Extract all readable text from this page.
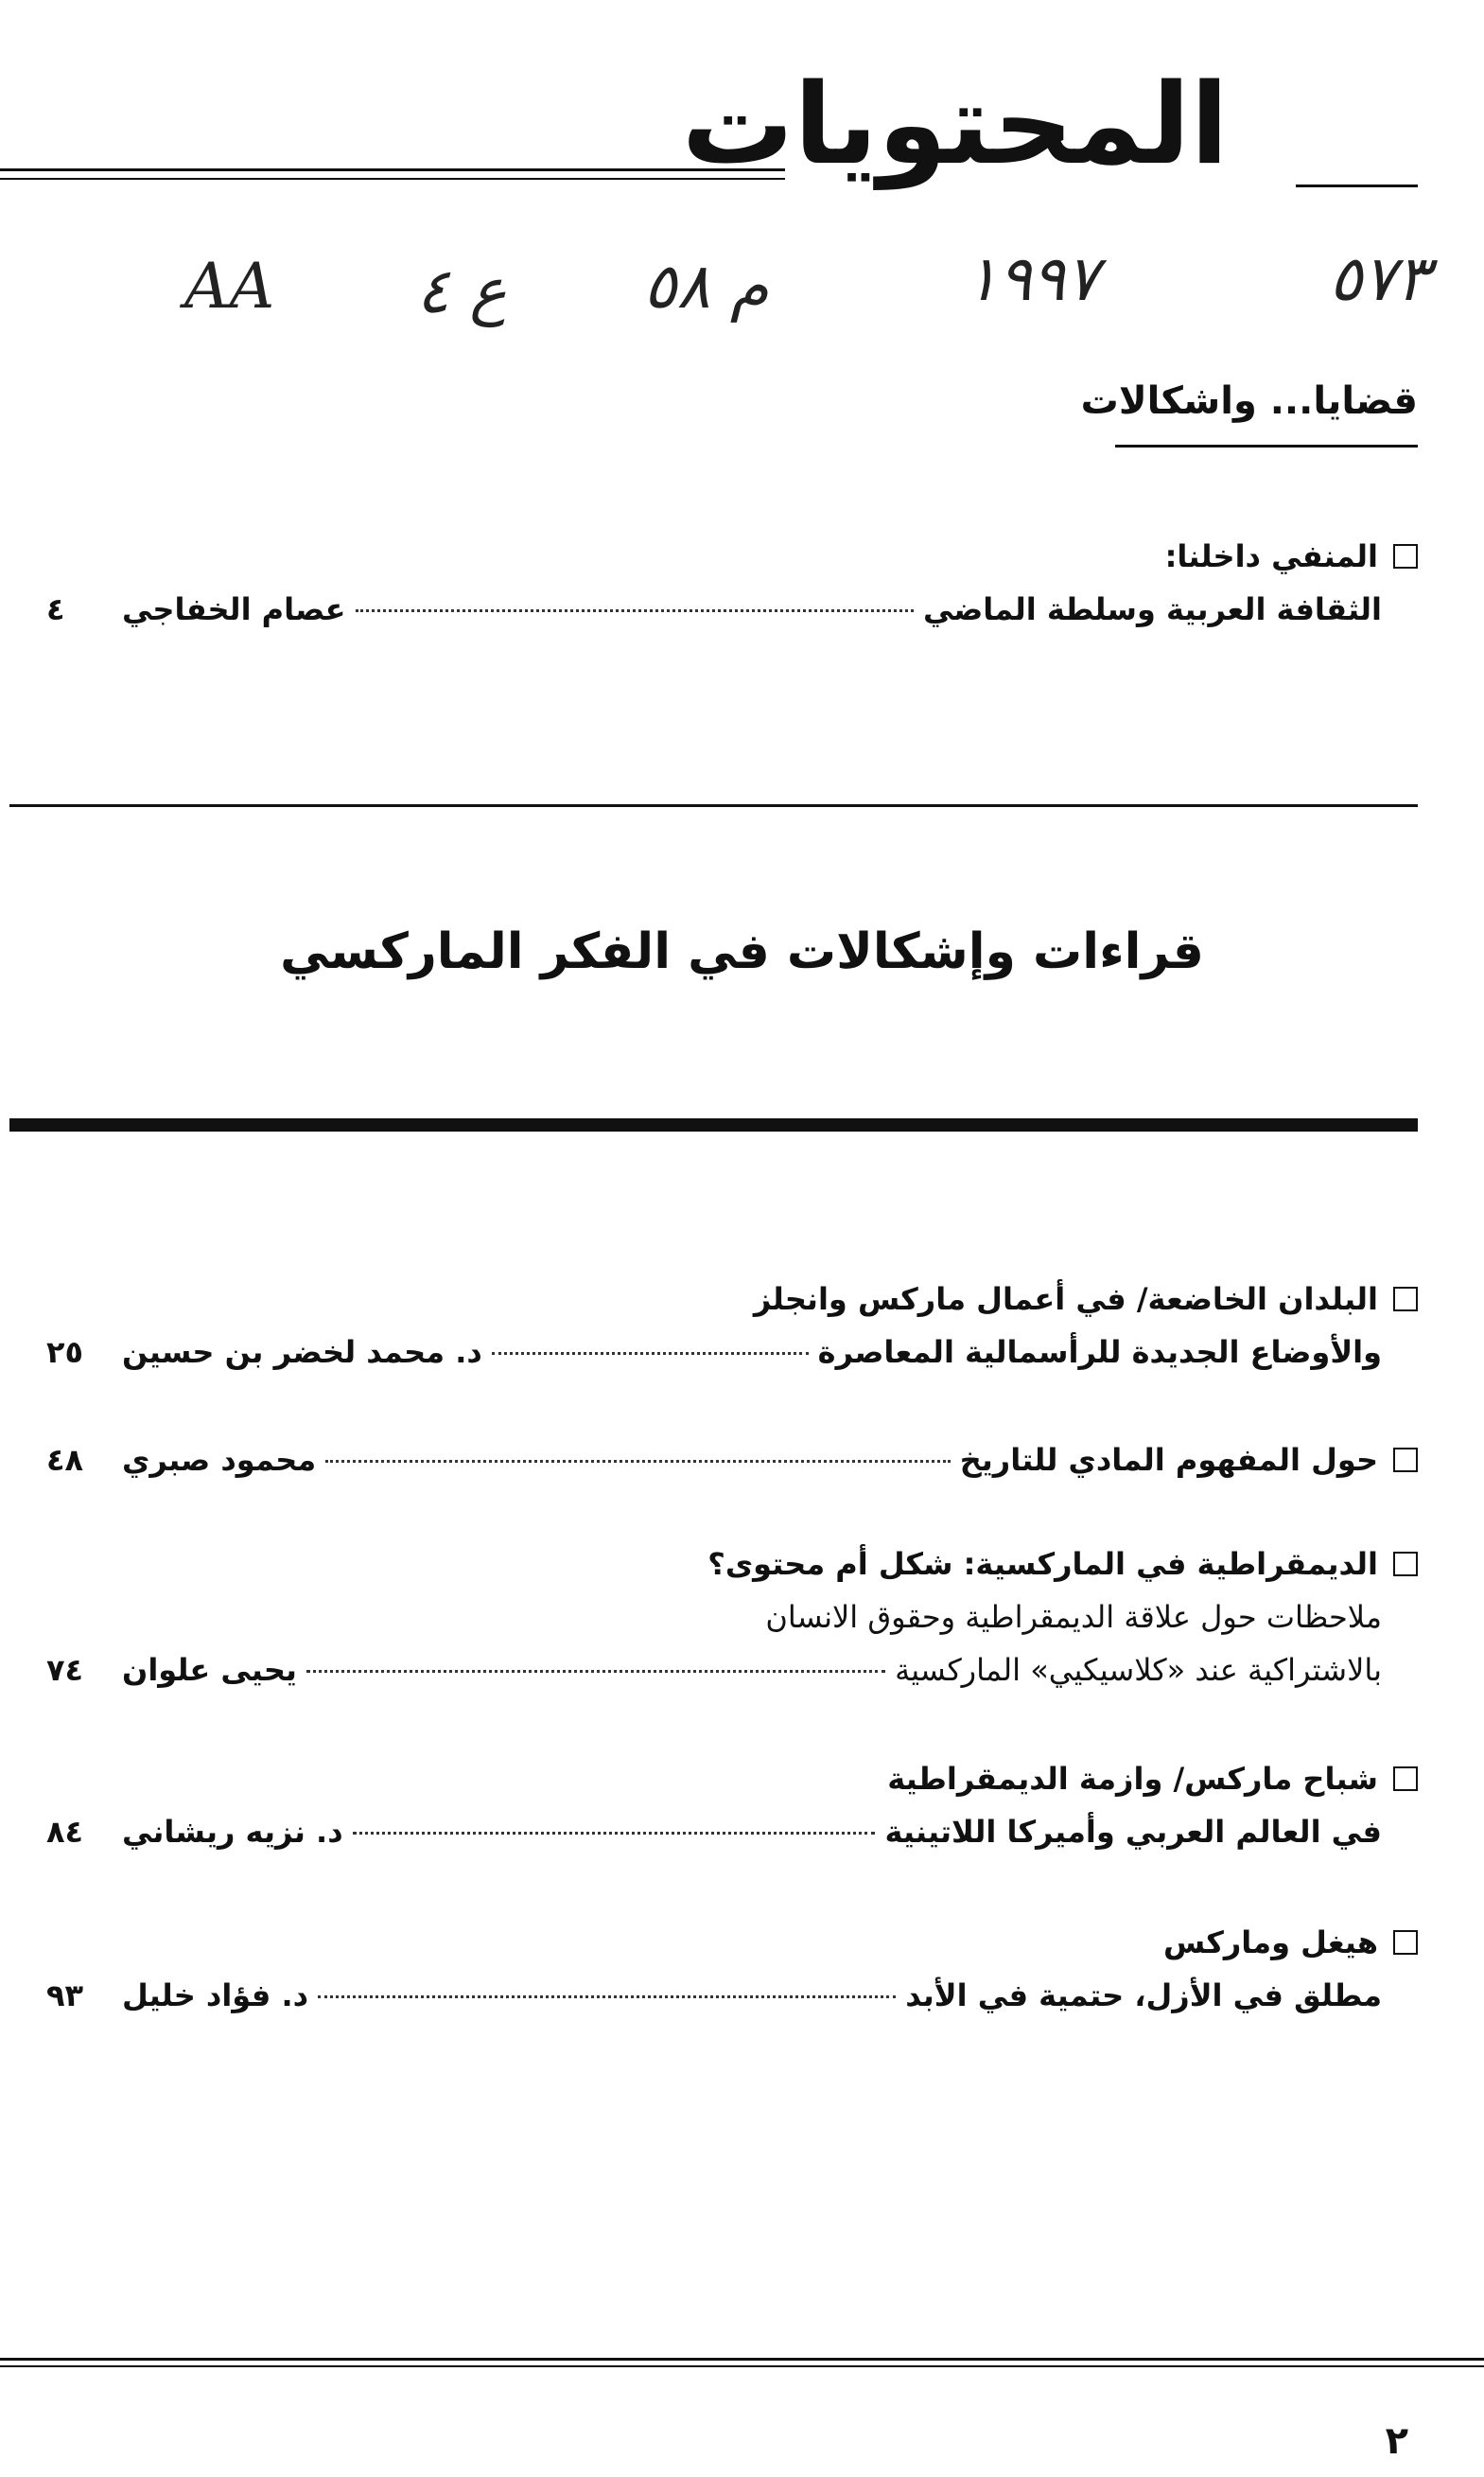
المحتويات
AA ع ٤ م ٥٨	١٩٩٧	٥٧٣
قضايا... واشكالات
المنفي داخلنا:
الثقافة العربية وسلطة الماضي
عصام الخفاجي
٤
قراءات وإشكالات في الفكر الماركسي
البلدان الخاضعة/ في أعمال ماركس وانجلز
والأوضاع الجديدة للرأسمالية المعاصرة
د. محمد لخضر بن حسين
٢٥
حول المفهوم المادي للتاريخ
محمود صبري
٤٨
الديمقراطية في الماركسية: شكل أم محتوى؟
ملاحظات حول علاقة الديمقراطية وحقوق الانسان
بالاشتراكية عند «كلاسيكيي» الماركسية
يحيى علوان
٧٤
شباح ماركس/ وازمة الديمقراطية
في العالم العربي وأميركا اللاتينية
د. نزيه ريشاني
٨٤
هيغل وماركس
مطلق في الأزل، حتمية في الأبد
د. فؤاد خليل
٩٣
٢
